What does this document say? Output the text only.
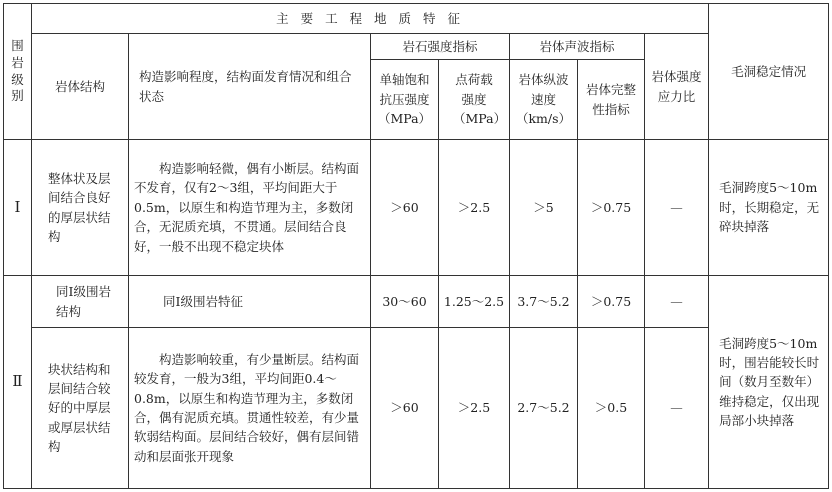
围岩级别	主 要 工 程 地 质 特 征							毛洞稳定情况
	岩体结构	构造影响程度，结构面发育情况和组合状态	岩石强度指标		岩体声波指标		岩体强度应力比	
			单轴饱和抗压强度（MPa）	点荷载强度（MPa）	岩体纵波速度（km/s）	岩体完整性指标		
Ⅰ	整体状及层间结合良好的厚层状结构	构造影响轻微，偶有小断层。结构面不发育，仅有2～3组，平均间距大于0.5m，以原生和构造节理为主，多数闭合，无泥质充填，不贯通。层间结合良好，一般不出现不稳定块体	＞60	＞2.5	＞5	＞0.75	—	毛洞跨度5～10m时，长期稳定，无碎块掉落
Ⅱ	同Ⅰ级围岩结构	同Ⅰ级围岩特征	30～60	1.25～2.5	3.7～5.2	＞0.75	—	毛洞跨度5～10m时，围岩能较长时间（数月至数年）维持稳定，仅出现局部小块掉落
	块状结构和层间结合较好的中厚层或厚层状结构	构造影响较重，有少量断层。结构面较发育，一般为3组，平均间距0.4～0.8m，以原生和构造节理为主，多数闭合，偶有泥质充填。贯通性较差，有少量软弱结构面。层间结合较好，偶有层间错动和层面张开现象	＞60	＞2.5	2.7～5.2	＞0.5	—	
